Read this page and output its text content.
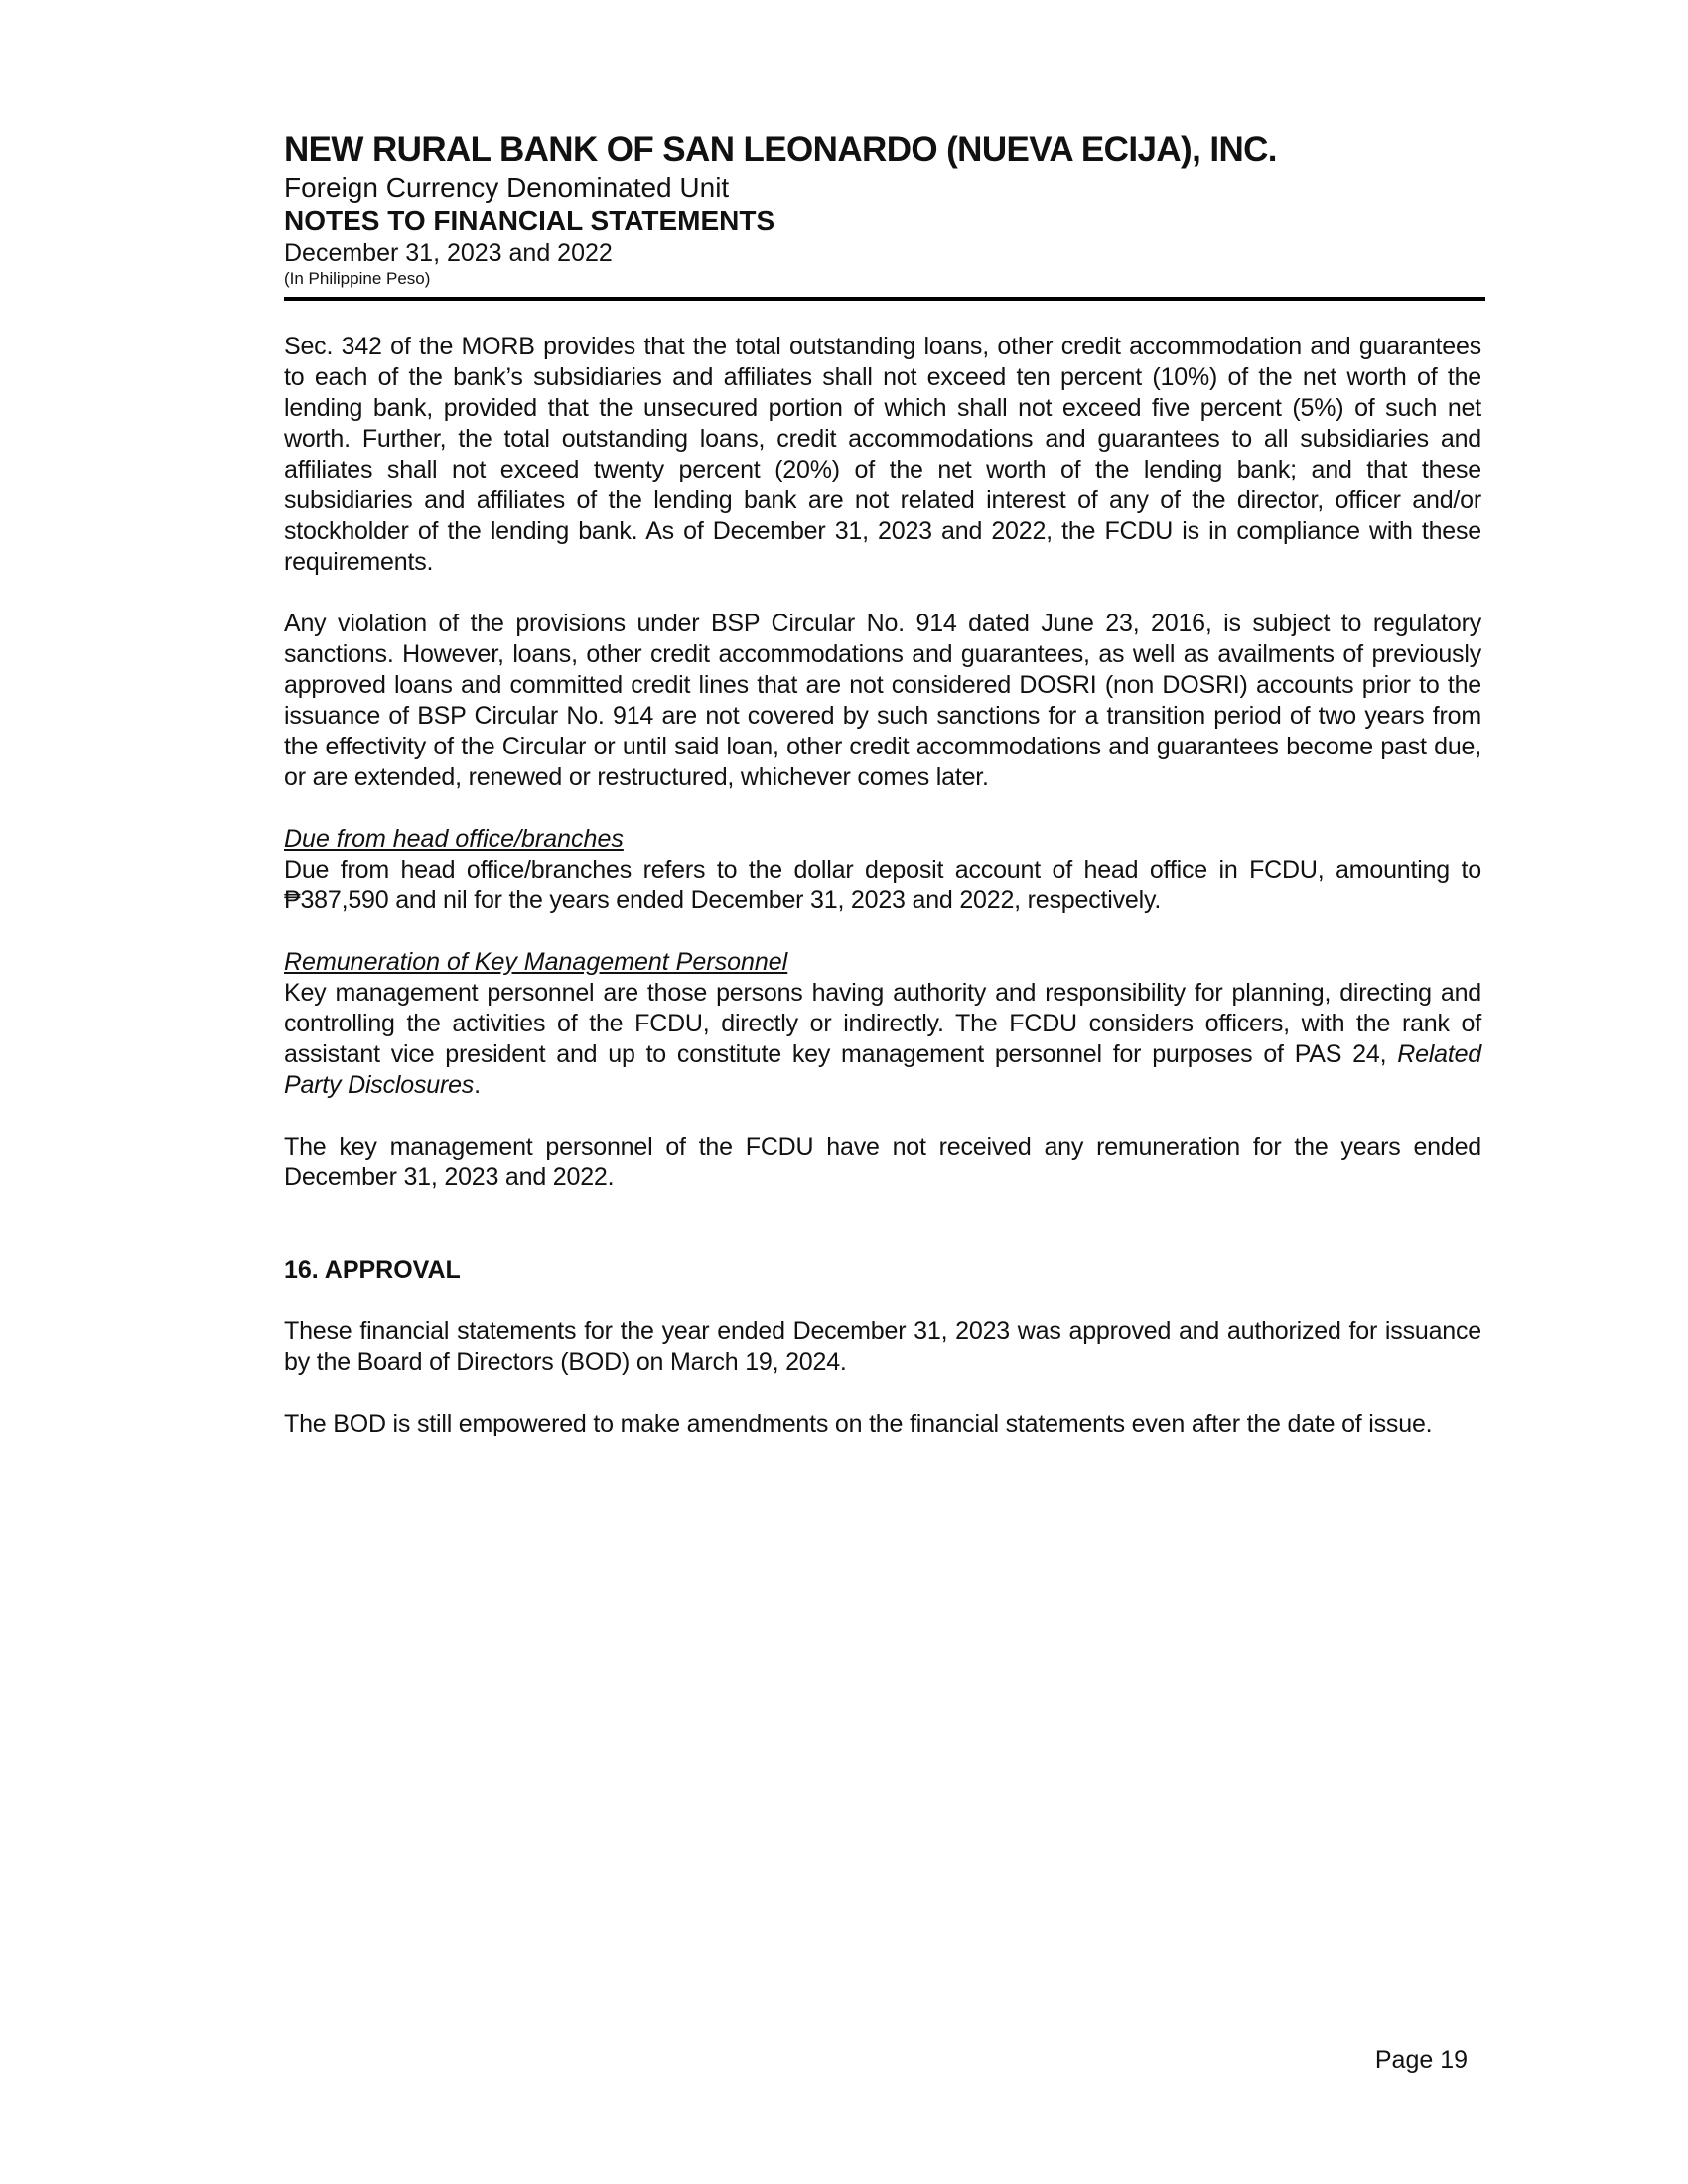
NEW RURAL BANK OF SAN LEONARDO (NUEVA ECIJA), INC.
Foreign Currency Denominated Unit
NOTES TO FINANCIAL STATEMENTS
December 31, 2023 and 2022
(In Philippine Peso)

Sec. 342 of the MORB provides that the total outstanding loans, other credit accommodation and guarantees to each of the bank’s subsidiaries and affiliates shall not exceed ten percent (10%) of the net worth of the lending bank, provided that the unsecured portion of which shall not exceed five percent (5%) of such net worth. Further, the total outstanding loans, credit accommodations and guarantees to all subsidiaries and affiliates shall not exceed twenty percent (20%) of the net worth of the lending bank; and that these subsidiaries and affiliates of the lending bank are not related interest of any of the director, officer and/or stockholder of the lending bank. As of December 31, 2023 and 2022, the FCDU is in compliance with these requirements.

Any violation of the provisions under BSP Circular No. 914 dated June 23, 2016, is subject to regulatory sanctions. However, loans, other credit accommodations and guarantees, as well as availments of previously approved loans and committed credit lines that are not considered DOSRI (non DOSRI) accounts prior to the issuance of BSP Circular No. 914 are not covered by such sanctions for a transition period of two years from the effectivity of the Circular or until said loan, other credit accommodations and guarantees become past due, or are extended, renewed or restructured, whichever comes later.

Due from head office/branches

Due from head office/branches refers to the dollar deposit account of head office in FCDU, amounting to ₱387,590 and nil for the years ended December 31, 2023 and 2022, respectively.

Remuneration of Key Management Personnel

Key management personnel are those persons having authority and responsibility for planning, directing and controlling the activities of the FCDU, directly or indirectly. The FCDU considers officers, with the rank of assistant vice president and up to constitute key management personnel for purposes of PAS 24, Related Party Disclosures.

The key management personnel of the FCDU have not received any remuneration for the years ended December 31, 2023 and 2022.

16. APPROVAL

These financial statements for the year ended December 31, 2023 was approved and authorized for issuance by the Board of Directors (BOD) on March 19, 2024.

The BOD is still empowered to make amendments on the financial statements even after the date of issue.

Page 19
